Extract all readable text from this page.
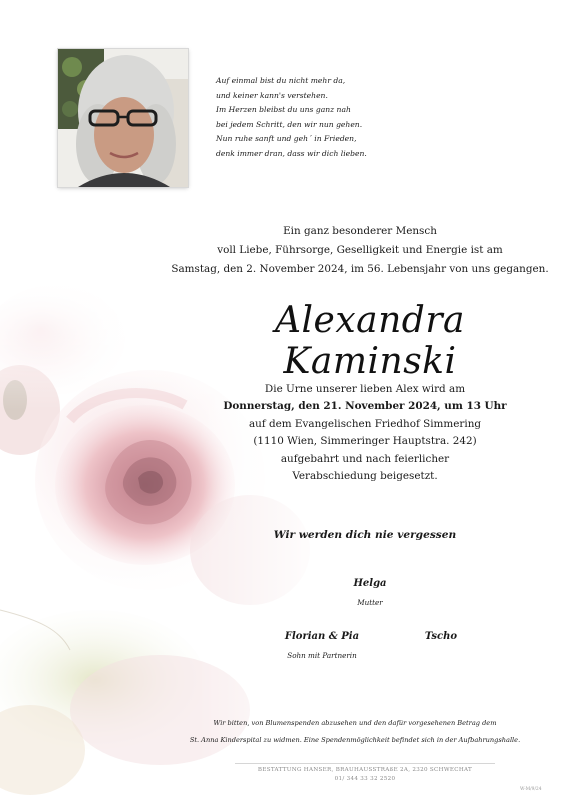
Auf einmal bist du nicht mehr da,
und keiner kann's verstehen.
Im Herzen bleibst du uns ganz nah
bei jedem Schritt, den wir nun gehen.
Nun ruhe sanft und geh´ in Frieden,
denk immer dran, dass wir dich lieben.
Ein ganz besonderer Mensch
voll Liebe, Führsorge, Geselligkeit und Energie ist am
Samstag, den 2. November 2024, im 56. Lebensjahr von uns gegangen.
Alexandra Kaminski
Die Urne unserer lieben Alex wird am
Donnerstag, den 21. November 2024, um 13 Uhr
auf dem Evangelischen Friedhof Simmering
(1110 Wien, Simmeringer Hauptstra. 242)
aufgebahrt und nach feierlicher
Verabschiedung beigesetzt.
Wir werden dich nie vergessen
Helga
Mutter
Florian & Pia
Sohn mit Partnerin
Tscho
Wir bitten, von Blumenspenden abzusehen und den dafür vorgesehenen Betrag dem
St. Anna Kinderspital zu widmen. Eine Spendenmöglichkeit befindet sich in der Aufbahrungshalle.
BESTATTUNG HANSER, BRAUHAUSSTRAßE 2A, 2320 SCHWECHAT
01/ 344 33 32 2520
W-M/9/24
